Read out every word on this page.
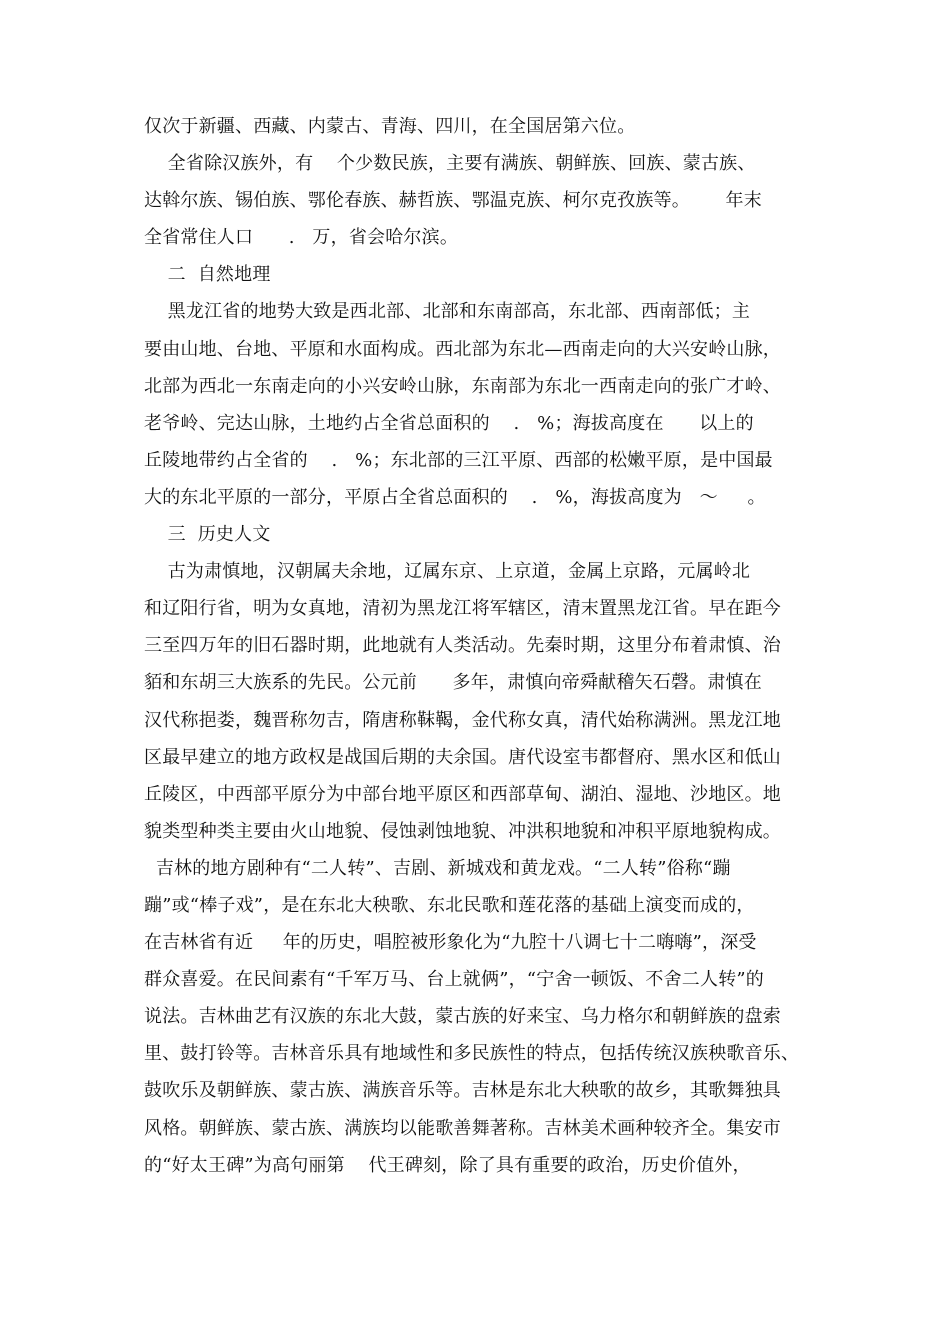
仅次于新疆、西藏、内蒙古、青海、四川，在全国居第六位。
全省除汉族外，有    个少数民族，主要有满族、朝鲜族、回族、蒙古族、
达斡尔族、锡伯族、鄂伦春族、赫哲族、鄂温克族、柯尔克孜族等。      年末
全省常住人口      .   万，省会哈尔滨。
二  自然地理
黑龙江省的地势大致是西北部、北部和东南部高，东北部、西南部低；主
要由山地、台地、平原和水面构成。西北部为东北—西南走向的大兴安岭山脉，
北部为西北一东南走向的小兴安岭山脉，东南部为东北一西南走向的张广才岭、
老爷岭、完达山脉，土地约占全省总面积的    .   %；海拔高度在      以上的
丘陵地带约占全省的    .   %；东北部的三江平原、西部的松嫩平原，是中国最
大的东北平原的一部分，平原占全省总面积的    .   %，海拔高度为   ～     。
三  历史人文
古为肃慎地，汉朝属夫余地，辽属东京、上京道，金属上京路，元属岭北
和辽阳行省，明为女真地，清初为黑龙江将军辖区，清末置黑龙江省。早在距今
三至四万年的旧石器时期，此地就有人类活动。先秦时期，这里分布着肃慎、治
貊和东胡三大族系的先民。公元前      多年，肃慎向帝舜献稽矢石磬。肃慎在
汉代称挹娄，魏晋称勿吉，隋唐称靺鞨，金代称女真，清代始称满洲。黑龙江地
区最早建立的地方政权是战国后期的夫余国。唐代设室韦都督府、黑水区和低山
丘陵区，中西部平原分为中部台地平原区和西部草甸、湖泊、湿地、沙地区。地
貌类型种类主要由火山地貌、侵蚀剥蚀地貌、冲洪积地貌和冲积平原地貌构成。
吉林的地方剧种有“二人转”、吉剧、新城戏和黄龙戏。“二人转”俗称“蹦
蹦”或“棒子戏”，是在东北大秧歌、东北民歌和莲花落的基础上演变而成的，
在吉林省有近     年的历史，唱腔被形象化为“九腔十八调七十二嗨嗨”，深受
群众喜爱。在民间素有“千军万马、台上就俩”，“宁舍一顿饭、不舍二人转”的
说法。吉林曲艺有汉族的东北大鼓，蒙古族的好来宝、乌力格尔和朝鲜族的盘索
里、鼓打铃等。吉林音乐具有地域性和多民族性的特点，包括传统汉族秧歌音乐、
鼓吹乐及朝鲜族、蒙古族、满族音乐等。吉林是东北大秧歌的故乡，其歌舞独具
风格。朝鲜族、蒙古族、满族均以能歌善舞著称。吉林美术画种较齐全。集安市
的“好太王碑”为高句丽第    代王碑刻，除了具有重要的政治，历史价值外，
